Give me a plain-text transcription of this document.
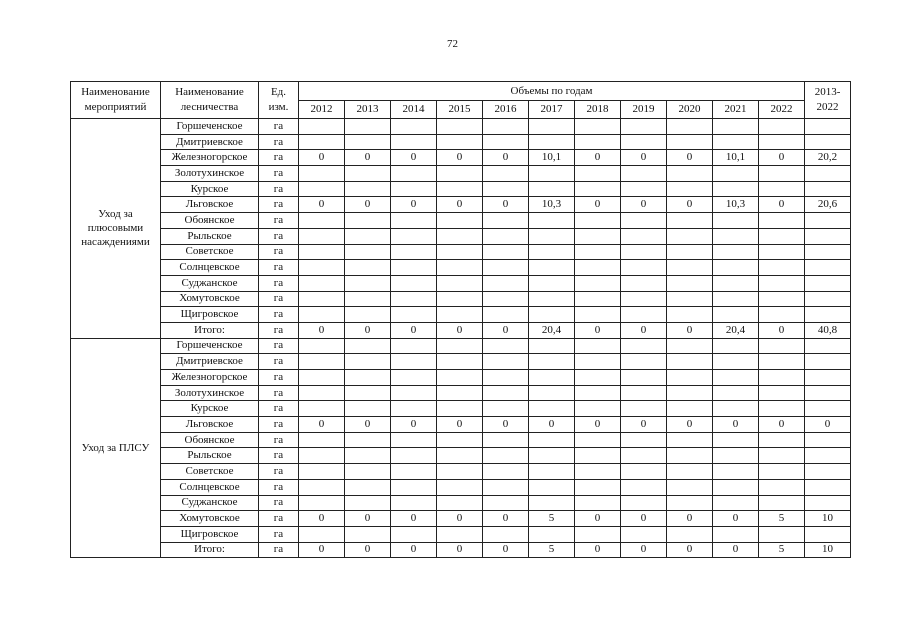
72
Наименование мероприятий	Наименование лесничества	Ед. изм.	Объемы по годам											2013-2022
			2012	2013	2014	2015	2016	2017	2018	2019	2020	2021	2022	
Уход за плюсовыми насаждениями	Горшеченское	га												
	Дмитриевское	га												
	Железногорское	га	0	0	0	0	0	10,1	0	0	0	10,1	0	20,2
	Золотухинское	га												
	Курское	га												
	Льговское	га	0	0	0	0	0	10,3	0	0	0	10,3	0	20,6
	Обоянское	га												
	Рыльское	га												
	Советское	га												
	Солнцевское	га												
	Суджанское	га												
	Хомутовское	га												
	Щигровское	га												
	Итого:	га	0	0	0	0	0	20,4	0	0	0	20,4	0	40,8
Уход за ПЛСУ	Горшеченское	га												
	Дмитриевское	га												
	Железногорское	га												
	Золотухинское	га												
	Курское	га												
	Льговское	га	0	0	0	0	0	0	0	0	0	0	0	0
	Обоянское	га												
	Рыльское	га												
	Советское	га												
	Солнцевское	га												
	Суджанское	га												
	Хомутовское	га	0	0	0	0	0	5	0	0	0	0	5	10
	Щигровское	га												
	Итого:	га	0	0	0	0	0	5	0	0	0	0	5	10
